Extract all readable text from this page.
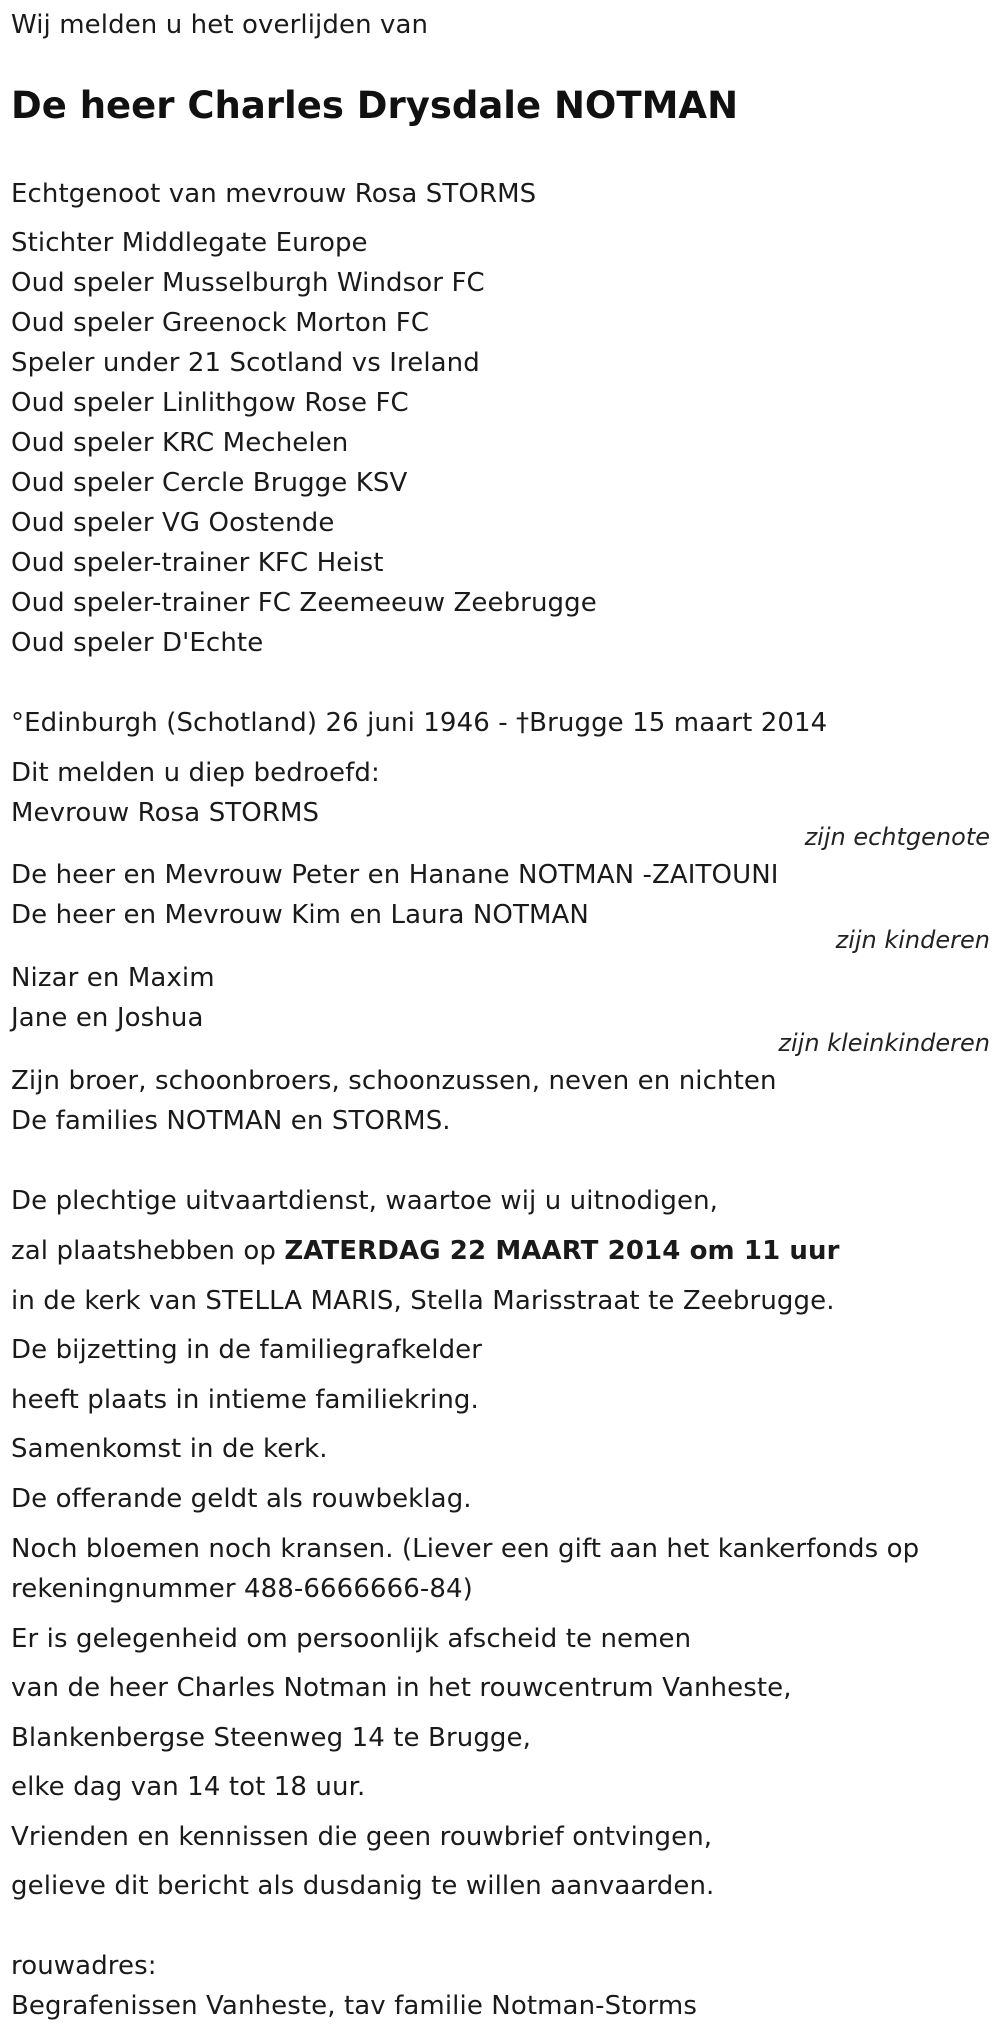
Wij melden u het overlijden van
De heer Charles Drysdale NOTMAN
Echtgenoot van mevrouw Rosa STORMS
Stichter Middlegate Europe
Oud speler Musselburgh Windsor FC
Oud speler Greenock Morton FC
Speler under 21 Scotland vs Ireland
Oud speler Linlithgow Rose FC
Oud speler KRC Mechelen
Oud speler Cercle Brugge KSV
Oud speler VG Oostende
Oud speler-trainer KFC Heist
Oud speler-trainer FC Zeemeeuw Zeebrugge
Oud speler D'Echte
°Edinburgh (Schotland) 26 juni 1946 - †Brugge 15 maart 2014
Dit melden u diep bedroefd:
Mevrouw Rosa STORMS
zijn echtgenote
De heer en Mevrouw Peter en Hanane NOTMAN -ZAITOUNI
De heer en Mevrouw Kim en Laura NOTMAN
zijn kinderen
Nizar en Maxim
Jane en Joshua
zijn kleinkinderen
Zijn broer, schoonbroers, schoonzussen, neven en nichten
De families NOTMAN en STORMS.
De plechtige uitvaartdienst, waartoe wij u uitnodigen,
zal plaatshebben op ZATERDAG 22 MAART 2014 om 11 uur
in de kerk van STELLA MARIS, Stella Marisstraat te Zeebrugge.
De bijzetting in de familiegrafkelder
heeft plaats in intieme familiekring.
Samenkomst in de kerk.
De offerande geldt als rouwbeklag.
Noch bloemen noch kransen. (Liever een gift aan het kankerfonds op
rekeningnummer 488-6666666-84)
Er is gelegenheid om persoonlijk afscheid te nemen
van de heer Charles Notman in het rouwcentrum Vanheste,
Blankenbergse Steenweg 14 te Brugge,
elke dag van 14 tot 18 uur.
Vrienden en kennissen die geen rouwbrief ontvingen,
gelieve dit bericht als dusdanig te willen aanvaarden.
rouwadres:
Begrafenissen Vanheste, tav familie Notman-Storms
